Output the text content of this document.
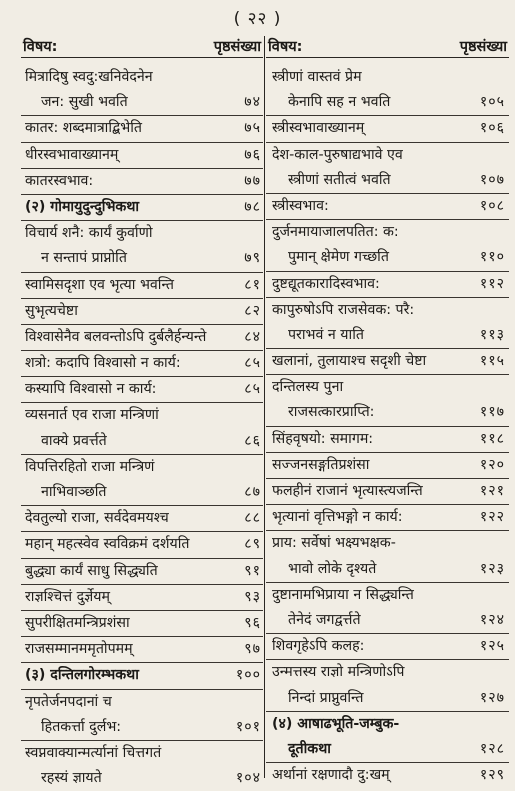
( २२ )
विषय:	पृष्ठसंख्या
मित्रादिषु स्वदु:खनिवेदनेन
जन: सुखी भवति	७४
कातर: शब्दमात्राद्बिभेति	७५
धीरस्वभावाख्यानम्	७६
कातरस्वभाव:	७७
(२) गोमायुदुन्दुभिकथा	७८
विचार्य शनै: कार्यं कुर्वाणो
न सन्तापं प्राप्नोति	७९
स्वामिसदृशा एव भृत्या भवन्ति	८१
सुभृत्यचेष्टा	८२
विश्वासेनैव बलवन्तोऽपि दुर्बलैर्हन्यन्ते	८४
शत्रो: कदापि विश्वासो न कार्य:	८५
कस्यापि विश्वासो न कार्य:	८५
व्यसनार्त एव राजा मन्त्रिणां
वाक्ये प्रवर्त्तते	८६
विपत्तिरहितो राजा मन्त्रिणं
नाभिवाञ्छति	८७
देवतुल्यो राजा, सर्वदेवमयश्च	८८
महान् महत्स्वेव स्वविक्रमं दर्शयति	८९
बुद्ध्या कार्यं साधु सिद्ध्यति	९१
राज्ञश्चित्तं दुर्ज्ञेयम्	९३
सुपरीक्षितमन्त्रिप्रशंसा	९६
राजसम्मानममृतोपमम्	९७
(३) दन्तिलगोरम्भकथा	१००
नृपतेर्जनपदानां च
हितकर्त्ता दुर्लभ:	१०१
स्वप्नवाक्यान्मर्त्यानां चित्तगतं
रहस्यं ज्ञायते	१०४
विषय:	पृष्ठसंख्या
स्त्रीणां वास्तवं प्रेम
केनापि सह न भवति	१०५
स्त्रीस्वभावाख्यानम्	१०६
देश-काल-पुरुषाद्यभावे एव
स्त्रीणां सतीत्वं भवति	१०७
स्त्रीस्वभाव:	१०८
दुर्जनमायाजालपतित: क:
पुमान् क्षेमेण गच्छति	११०
दुष्टद्यूतकारादिस्वभाव:	११२
कापुरुषोऽपि राजसेवक: परै:
पराभवं न याति	११३
खलानां, तुलायाश्च सदृशी चेष्टा	११५
दन्तिलस्य पुना
राजसत्कारप्राप्ति:	११७
सिंहवृषयो: समागम:	११८
सज्जनसङ्गतिप्रशंसा	१२०
फलहीनं राजानं भृत्यास्त्यजन्ति	१२१
भृत्यानां वृत्तिभङ्गो न कार्य:	१२२
प्राय: सर्वेषां भक्ष्यभक्षक-
भावो लोके दृश्यते	१२३
दुष्टानामभिप्राया न सिद्ध्यन्ति
तेनेदं जगद्वर्त्तते	१२४
शिवगृहेऽपि कलह:	१२५
उन्मत्तस्य राज्ञो मन्त्रिणोऽपि
निन्दां प्राप्नुवन्ति	१२७
(४) आषाढभूति-जम्बुक-
दूतीकथा	१२८
अर्थानां रक्षणादौ दु:खम्	१२९
